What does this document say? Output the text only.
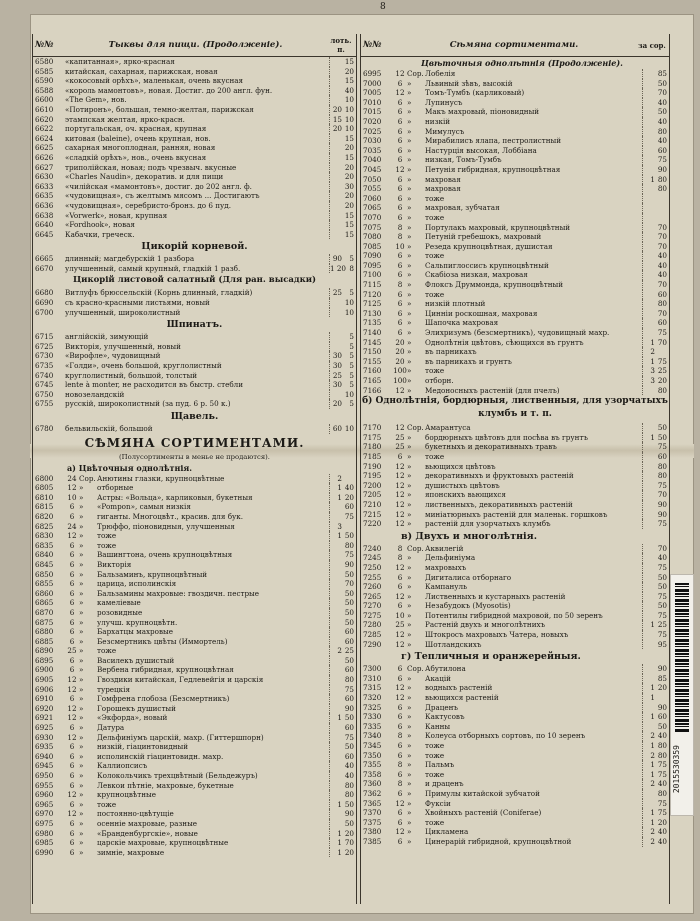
8
№№	Тыквы для пищи. (Продолженіе).	лоть. п.
6580	«капитанная», ярко-красная	15
6585	китайская, сахарная, парижская, новая	20
6590	«кокосовый орѣхъ», маленькая, очень вкусная	15
6588	«король мамонтовъ», новая. Достиг. до 200 англ. фун.	40
6600	«The Gem», нов.	10
6610	«Потиронъ», большая, темно-желтая, парижская	20 10
6620	этампская желтая, ярко-красн.	15 10
6622	португальская, оч. красная, крупная	20 10
6624	китовая (baleine), очень крупная, нов.	15
6625	сахарная многоплодная, ранняя, новая	20
6626	«сладкій орѣхъ», нов., очень вкусная	15
6627	триполійская, новая; подъ чрезвыч. вкусные	20
6630	«Charles Naudin», декоратив. и для пищи	20
6633	«чилійская «мамонтовъ», достиг. до 202 англ. ф.	30
6635	«чудовищная», съ желтымъ мясомъ ... Достигаютъ	20
6636	«чудовищная», серебристо-бронз. до 6 пуд.	20
6638	«Vorwerk», новая, крупная	15
6640	«Fordhook», новая	15
6645	Кабачки, греческ.	15
Цикорій корневой.
6665	длинный; магдебурскій 1 разбора	90	5
6670	улучшенный, самый крупный, гладкій 1 разб.	1 20 8
Цикорій листовой салатный (Для ран. высадки)
6680	Витлуфъ брюссельскій (Корнь длинный, гладкій)	25	5
6690	съ красно-красными листьями, новый	10
6700	улучшенный, широколистный	10
Шпинатъ.
6715	англійскій, зимующій	5
6725	Викторія, улучшенный, новый	5
6730	«Вирофле», чудовищный	30	5
6735	«Голди», очень большой, круглолистный	30	5
6740	круглолистный, большой, толстый	25	5
6745	lente à monter, не расходится въ быстр. стебли	30	5
6750	новозеландскій	10
6755	русскій, широколистный (за пуд. 6 р. 50 к.)	20	5
Щавель.
6780	бельвильскій, большой	60 10
СѢМЯНА СОРТИМЕНТАМИ.
(Полусортименты в менье не продаются).
а) Цвѣточныя однолѣтнія.
6800	24 Сор. Анютины глазки, крупноцвѣтные	2
6805	12 »	отборные	1 40
6810	10 »	Астры: «Вольца», карликовыя, букетныя	1 20
6815	6 »	«Pompon», самыя низкія	60
6820	6 »	гиганты. Многоцвѣт., красив. для бук.	75
6825	24 »	Трюффо, піоновидныя, улучшенныя	3
6830	12 »	тоже	1 50
6835	6 »	тоже	80
6840	6 »	Вашингтона, очень крупноцвѣтныя	75
6845	6 »	Викторія	90
6850	6 »	Бальзаминъ, крупноцвѣтный	50
6855	6 »	царица, исполинскія	70
6860	6 »	Бальзамины махровые: гвоздичн. пестрые	50
6865	6 »	камеліевые	50
6870	6 »	розовидные	50
6875	6 »	улучш. крупноцвѣтн.	50
6880	6 »	Бархатцы махровые	60
6885	6 »	Безсмертникъ цвѣты (Иммортель)	60
6890	25 »	тоже	2 25
6895	6 »	Василекъ душистый	50
6900	6 »	Вербена гибридная, крупноцвѣтная	60
6905	12 »	Гвоздики китайская, Гедлевейгія и царскія	80
6906	12 »	турецкія	75
6910	6 »	Гомфрена глобоза (Безсмертникъ)	60
6920	12 »	Горошекъ душистый	90
6921	12 »	«Экфорда», новый	1 50
6925	6 »	Датура	60
6930	12 »	Дельфиніумъ царскій, махр. (Гиттершпорн)	75
6935	6 »	низкій, гіацинтовидный	50
6940	6 »	исполинскій гіацинтовидн. махр.	60
6945	6 »	Каллиопсисъ	40
6950	6 »	Колокольчикъ трехцвѣтный (Бельдежуръ)	40
6955	6 »	Левкои пѣтніе, махровые, букетные	80
6960	12 »	крупноцвѣтные	80
6965	6 »	тоже	1 50
6970	12 »	постоянно-цвѣтущіе	90
6975	6 »	осенніе махровые, разные	50
6980	6 »	«Бранденбургскіе», новые	1 20
6985	6 »	царскіе махровые, крупноцвѣтные	1 70
6990	6 »	зимніе, махровые	1 20
№№	Сѣмяна сортиментами.	за сор.
Цвѣточныя однолѣтнія (Продолженіе).
6995	12 Сор. Лобелія	85
7000	6 »	Львиный зѣвъ, высокій	50
7005	12 »	Томъ-Тумбъ (карликовый)	70
7010	6 »	Лупинусъ	40
7015	6 »	Макъ махровый, піоновидный	50
7020	6 »	низкій	40
7025	6 »	Мимулусъ	80
7030	6 »	Мирабилисъ ялапа, пестролистный	40
7035	6 »	Настурція высокая, Лоббіана	60
7040	6 »	низкая, Томъ-Тумбъ	75
7045	12 »	Петунія гибридная, крупноцвѣтная	90
7050	6 »	махровая	1 80
7055	6 »	махровая	80
7060	6 »	тоже
7065	6 »	махровая, зубчатая
7070	6 »	тоже
7075	8 »	Портулакъ махровый, крупноцвѣтный	70
7080	8 »	Петуній гребешокъ, махровый	70
7085	10 »	Резеда крупноцвѣтная, душистая	70
7090	6 »	тоже	40
7095	6 »	Сальпиглоссисъ крупноцвѣтный	40
7100	6 »	Скабіоза низкая, махровая	40
7115	8 »	Флоксъ Друммонда, крупноцвѣтный	70
7120	6 »	тоже	60
7125	6 »	низкій плотный	80
7130	6 »	Цинніи роскошная, махровая	70
7135	6 »	Шапочка махровая	60
7140	6 »	Элихризумъ (безсмертникъ), чудовищный махр.	75
7145	20 »	Однолѣтнія цвѣтовъ, сѣющихся въ грунтъ	1 70
7150	20 »	въ парникахъ	2
7155	20 »	въ парникахъ и грунтъ	1 75
7160	100 »	тоже	3 25
7165	100 »	отборн.	3 20
7166	12 »	Медоносныхъ растеній (для пчелъ)	80
б) Однолѣтнія, бордюрныя, лиственныя, для узорчатыхъ клумбъ и т. п.
7170	12 Сор. Амарантуса	50
7175	25 »	бордюрныхъ цвѣтовъ для посѣва въ грунтъ	1 50
7180	25 »	букетныхъ и декоративныхъ травъ	75
7185	6 »	тоже	60
7190	12 »	вьющихся цвѣтовъ	80
7195	12 »	декоративныхъ и фруктовыхъ растеній	80
7200	12 »	душистыхъ цвѣтовъ	75
7205	12 »	японскихъ вьющихся	70
7210	12 »	лиственныхъ, декоративныхъ растеній	90
7215	12 »	миніатюрныхъ растеній для маленьк. горшковъ	90
7220	12 »	растеній для узорчатыхъ клумбъ	75
в) Двухъ и многолѣтнія.
7240	8 Сор. Аквилегій	70
7245	8 »	Дельфиніума	40
7250	12 »	махровыхъ	75
7255	6 »	Дигиталиса отборнаго	50
7260	6 »	Кампануль	50
7265	12 »	Лиственныхъ и кустарныхъ растеній	75
7270	6 »	Незабудокъ (Myosotis)	50
7275	10 »	Потентилы гибридной махровой, по 50 зеренъ	75
7280	25 »	Растеній двухъ и многолѣтнихъ	1 25
7285	12 »	Штокросъ махровыхъ Чатера, новыхъ	75
7290	12 »	Шотландскихъ	95
г) Тепличныя и оранжерейныя.
7300	6 Сор. Абутилона	90
7310	6 »	Акацій	85
7315	12 »	водныхъ растеній	1 20
7320	12 »	вьющихся растеній	1
7325	6 »	Драценъ	90
7330	6 »	Кактусовъ	1 60
7335	6 »	Канны	50
7340	8 »	Колеуса отборныхъ сортовъ, по 10 зеренъ	2 40
7345	6 »	тоже	1 80
7350	6 »	тоже	2 80
7355	8 »	Пальмъ	1 75
7358	6 »	тоже	1 75
7360	8 »	и драценъ	2 40
7362	6 »	Примулы китайской зубчатой	80
7365	12 »	Фуксіи	75
7370	6 »	Хвойныхъ растеній (Coniferae)	1 75
7375	6 »	тоже	1 20
7380	12 »	Цикламена	2 40
7385	6 »	Цинерарій гибридной, крупноцвѣтной	2 40
2015530359
